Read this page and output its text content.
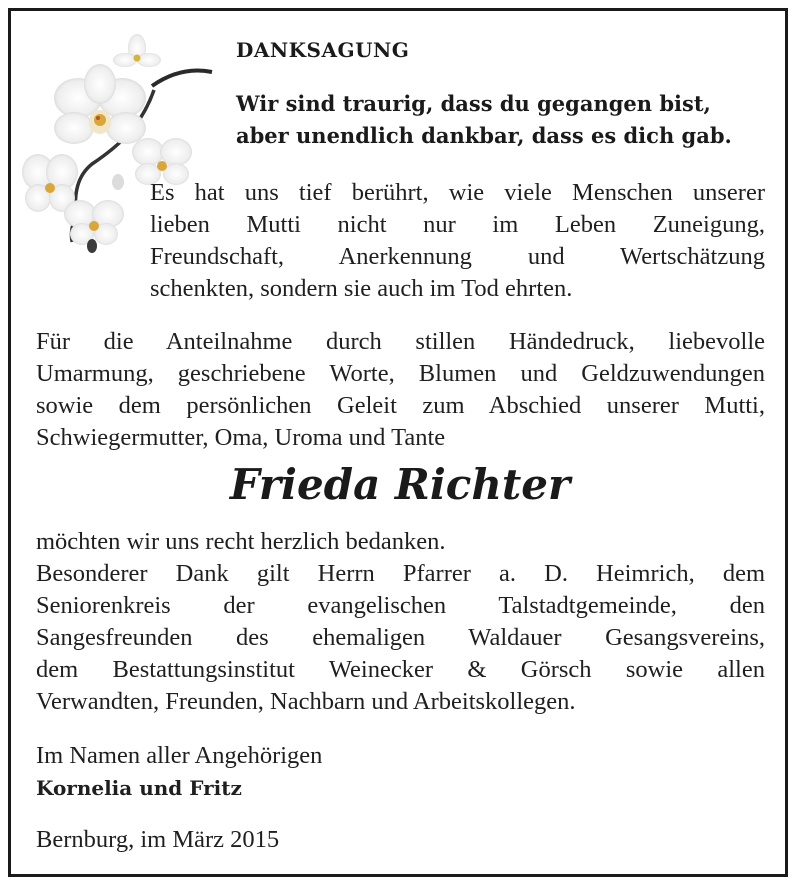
DANKSAGUNG

Wir sind traurig, dass du gegangen bist,
aber unendlich dankbar, dass es dich gab.

Es hat uns tief berührt, wie viele Menschen unserer
lieben Mutti nicht nur im Leben Zuneigung,
Freundschaft, Anerkennung und Wertschätzung
schenkten, sondern sie auch im Tod ehrten.

Für die Anteilnahme durch stillen Händedruck, liebevolle
Umarmung, geschriebene Worte, Blumen und Geldzuwendungen
sowie dem persönlichen Geleit zum Abschied unserer Mutti,
Schwiegermutter, Oma, Uroma und Tante

Frieda Richter

möchten wir uns recht herzlich bedanken.
Besonderer Dank gilt Herrn Pfarrer a. D. Heimrich, dem
Seniorenkreis der evangelischen Talstadtgemeinde, den
Sangesfreunden des ehemaligen Waldauer Gesangsvereins,
dem Bestattungsinstitut Weinecker & Görsch sowie allen
Verwandten, Freunden, Nachbarn und Arbeitskollegen.

Im Namen aller Angehörigen
Kornelia und Fritz

Bernburg, im März 2015
